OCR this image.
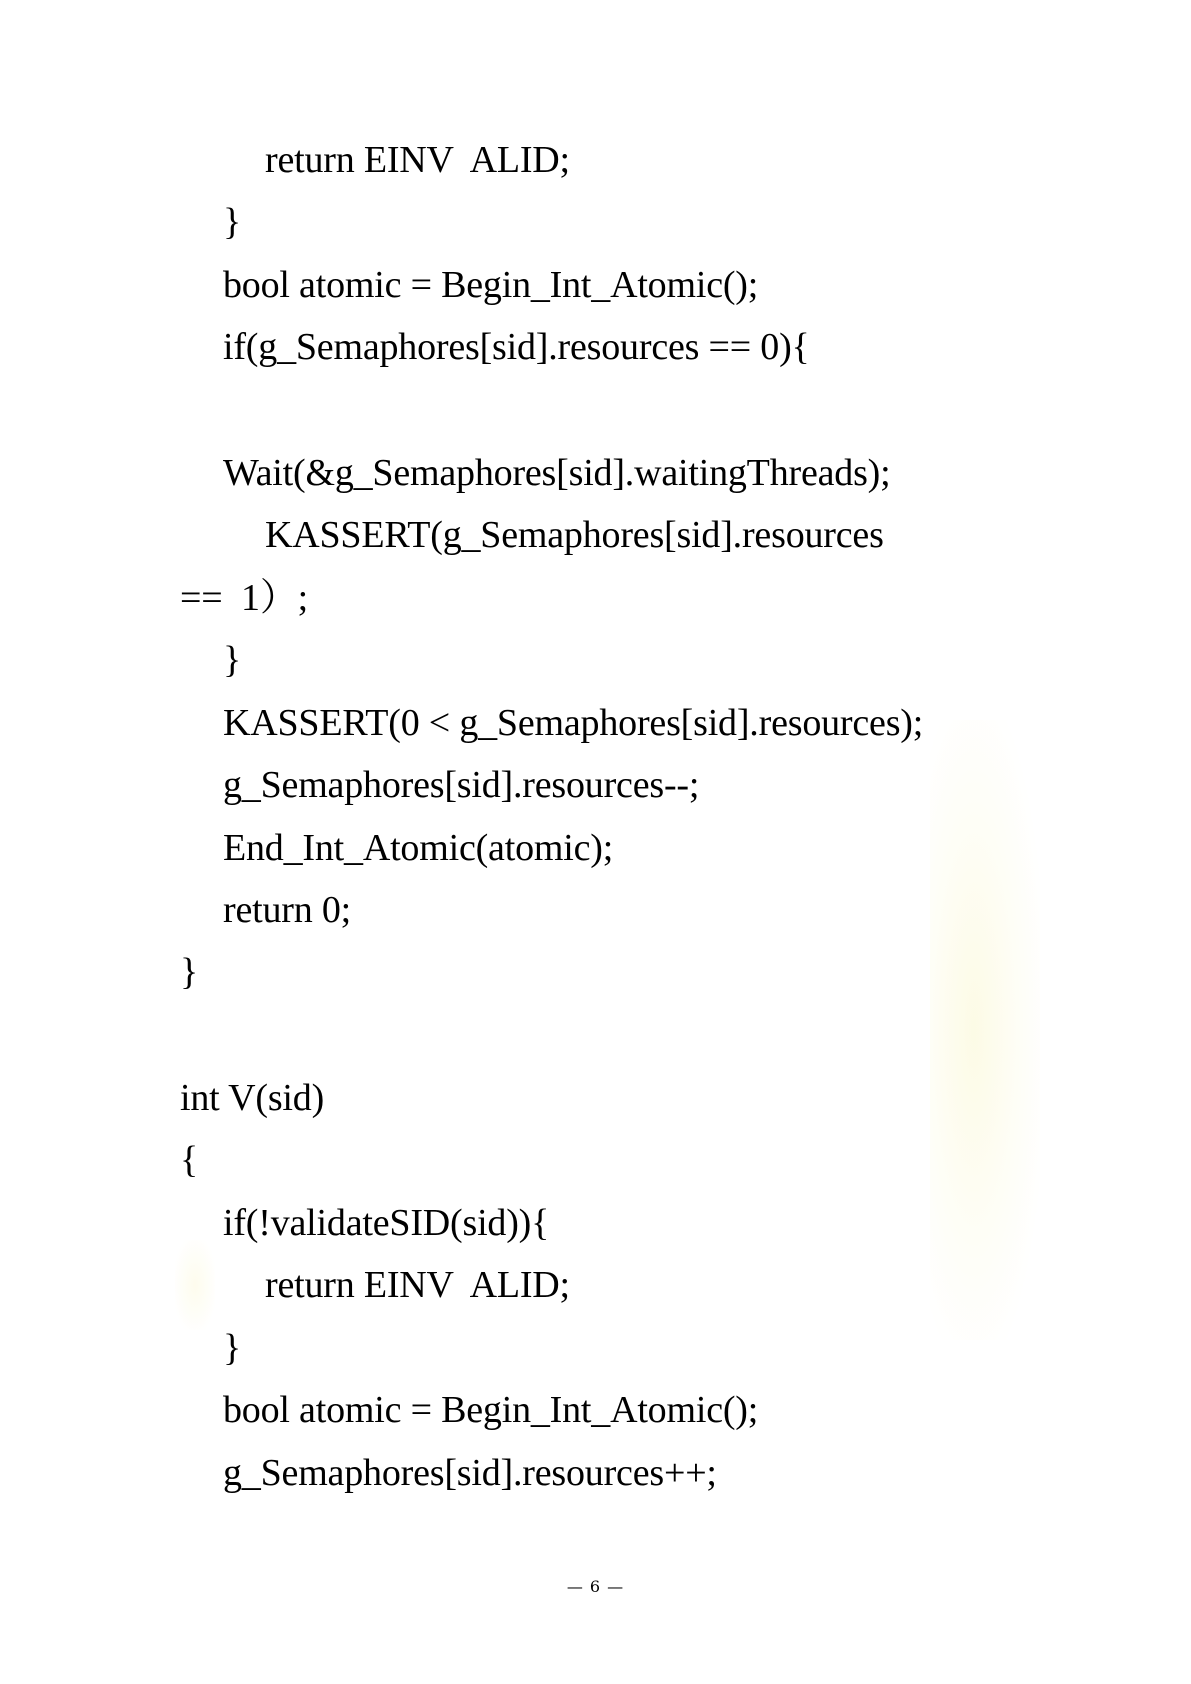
return EINV  ALID;
}
bool atomic = Begin_Int_Atomic();
if(g_Semaphores[sid].resources == 0){
Wait(&g_Semaphores[sid].waitingThreads);
KASSERT(g_Semaphores[sid].resources
==  1）;
}
KASSERT(0 < g_Semaphores[sid].resources);
g_Semaphores[sid].resources--;
End_Int_Atomic(atomic);
return 0;
}
int V(sid)
{
if(!validateSID(sid)){
return EINV  ALID;
}
bool atomic = Begin_Int_Atomic();
g_Semaphores[sid].resources++;
— 6 —
